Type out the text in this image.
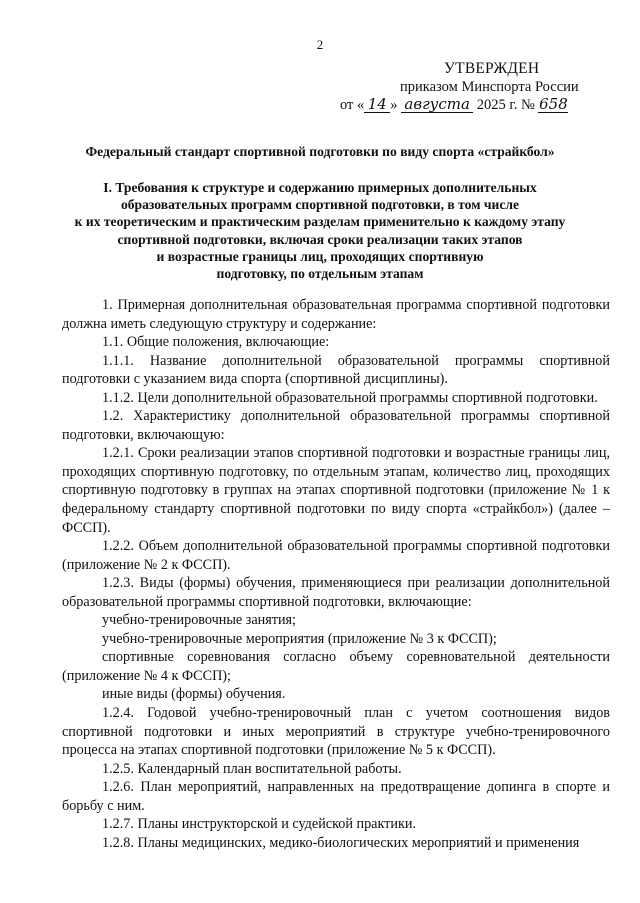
2
УТВЕРЖДЕН
приказом Минспорта России
от « 14 » августа 2025 г. № 658
Федеральный стандарт спортивной подготовки по виду спорта «страйкбол»
I. Требования к структуре и содержанию примерных дополнительных
образовательных программ спортивной подготовки, в том числе
к их теоретическим и практическим разделам применительно к каждому этапу
спортивной подготовки, включая сроки реализации таких этапов
и возрастные границы лиц, проходящих спортивную
подготовку, по отдельным этапам

1. Примерная дополнительная образовательная программа спортивной подготовки должна иметь следующую структуру и содержание:

1.1. Общие положения, включающие:

1.1.1. Название дополнительной образовательной программы спортивной подготовки с указанием вида спорта (спортивной дисциплины).

1.1.2. Цели дополнительной образовательной программы спортивной подготовки.

1.2. Характеристику дополнительной образовательной программы спортивной подготовки, включающую:

1.2.1. Сроки реализации этапов спортивной подготовки и возрастные границы лиц, проходящих спортивную подготовку, по отдельным этапам, количество лиц, проходящих спортивную подготовку в группах на этапах спортивной подготовки (приложение № 1 к федеральному стандарту спортивной подготовки по виду спорта «страйкбол») (далее – ФССП).

1.2.2. Объем дополнительной образовательной программы спортивной подготовки (приложение № 2 к ФССП).

1.2.3. Виды (формы) обучения, применяющиеся при реализации дополнительной образовательной программы спортивной подготовки, включающие:

учебно-тренировочные занятия;

учебно-тренировочные мероприятия (приложение № 3 к ФССП);

спортивные соревнования согласно объему соревновательной деятельности (приложение № 4 к ФССП);

иные виды (формы) обучения.

1.2.4. Годовой учебно-тренировочный план с учетом соотношения видов спортивной подготовки и иных мероприятий в структуре учебно-тренировочного процесса на этапах спортивной подготовки (приложение № 5 к ФССП).

1.2.5. Календарный план воспитательной работы.

1.2.6. План мероприятий, направленных на предотвращение допинга в спорте и борьбу с ним.

1.2.7. Планы инструкторской и судейской практики.

1.2.8. Планы медицинских, медико-биологических мероприятий и применения
